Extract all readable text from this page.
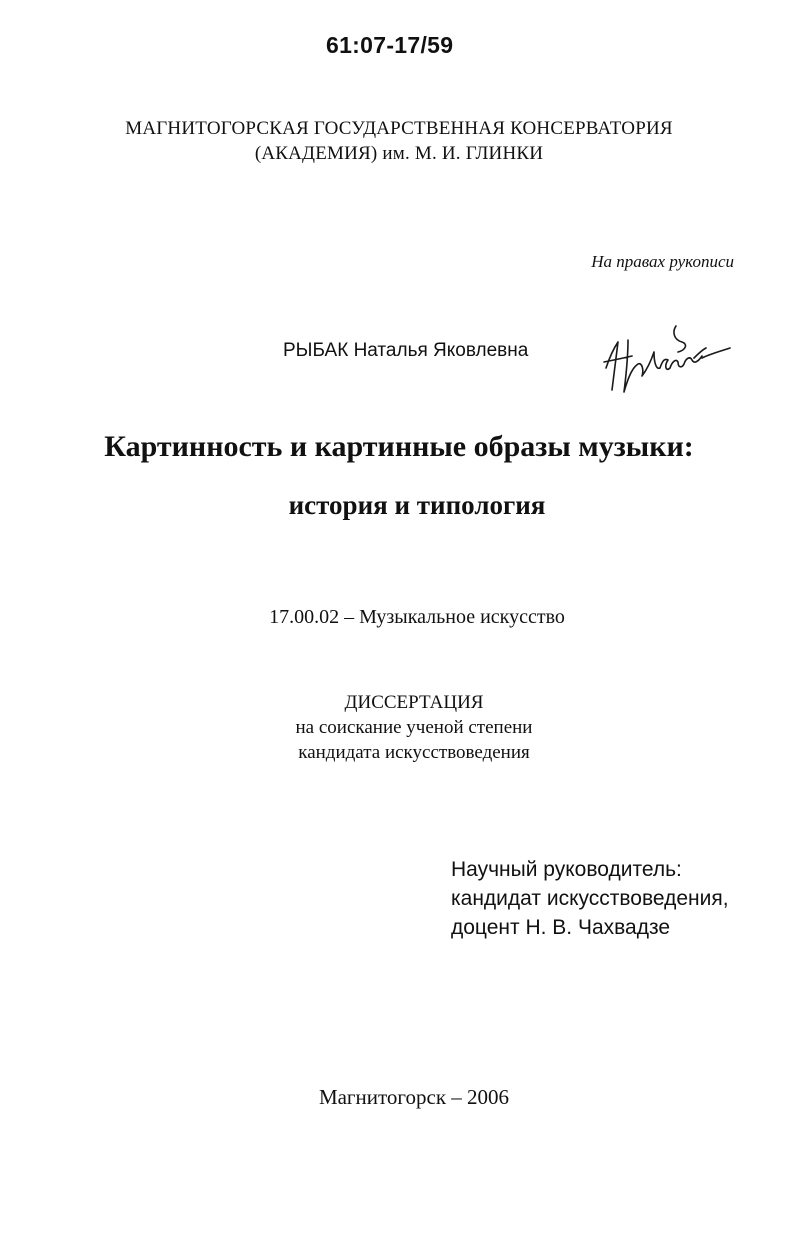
61:07-17/59
МАГНИТОГОРСКАЯ ГОСУДАРСТВЕННАЯ КОНСЕРВАТОРИЯ
(АКАДЕМИЯ) им. М. И. ГЛИНКИ
На правах рукописи
РЫБАК Наталья Яковлевна
Картинность и картинные образы музыки:
история и типология
17.00.02 – Музыкальное искусство
ДИССЕРТАЦИЯ
на соискание ученой степени
кандидата искусствоведения
Научный руководитель:
кандидат искусствоведения,
доцент Н. В. Чахвадзе
Магнитогорск – 2006
